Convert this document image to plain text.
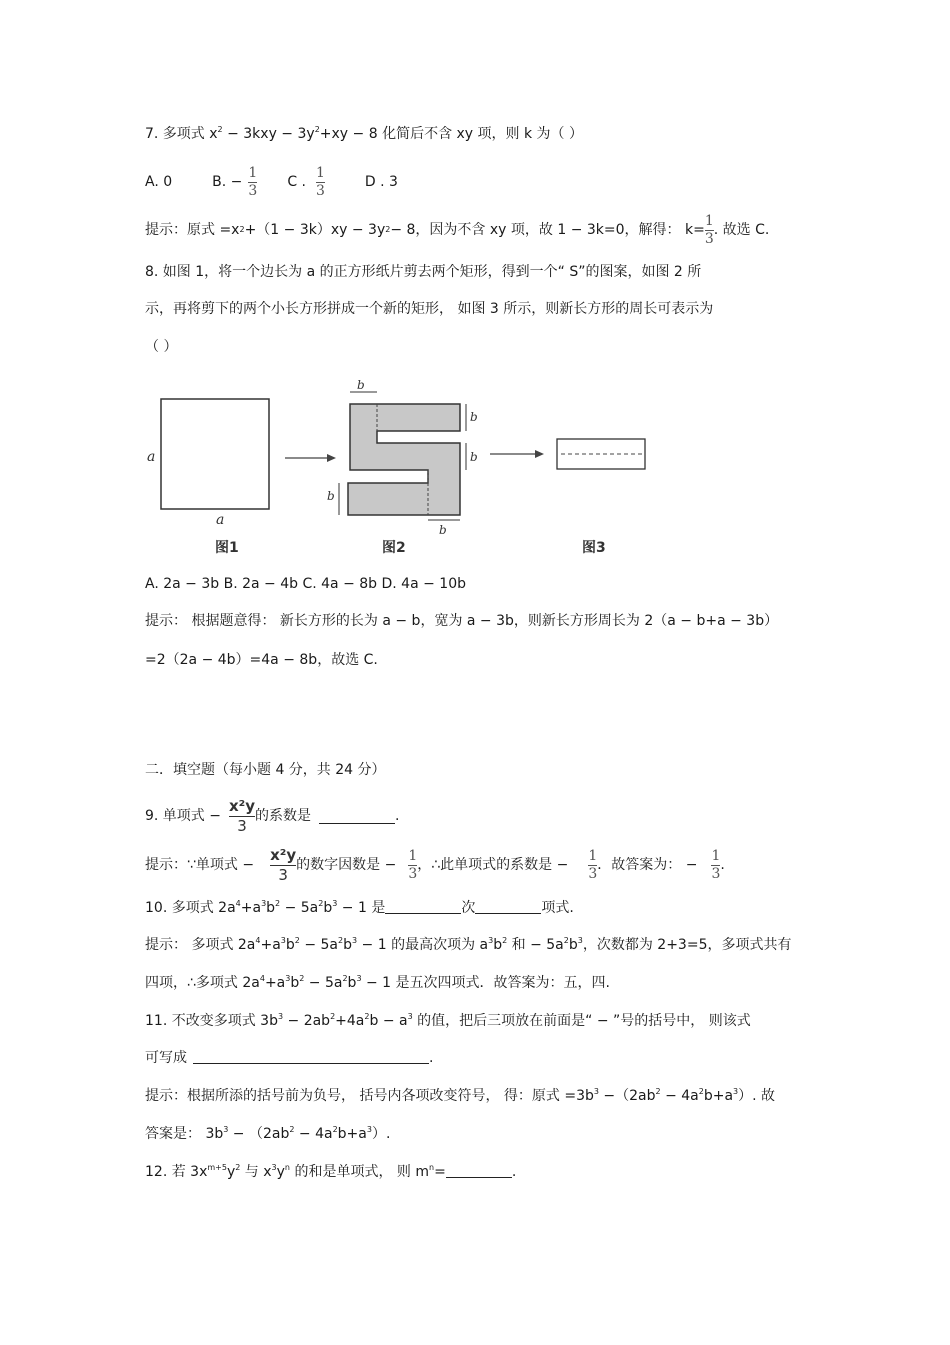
7. 多项式 $x^2 - 3kxy - 3y^2+xy - 8$ 化简后不含 xy 项，则 k 为（ ）
A. 0	B. − $\frac{1}{3}$ C . $\frac{1}{3}$	D . 3
提示：原式 =x 2 +（1 − 3k）xy − 3y 2 − 8，因为不含 xy 项，故 1 − 3k=0，解得： $k= \frac{1}{3}$ . 故选 C.
8. 如图 1，将一个边长为 a 的正方形纸片剪去两个矩形，得到一个“ S”的图案，如图 2 所
示，再将剪下的两个小长方形拼成一个新的矩形， 如图 3 所示，则新长方形的周长可表示为
（ ）
a
a
图1
b
b
b
b
b
图2	图3
A. 2a − 3b B. 2a − 4b C. 4a − 8b D. 4a − 10b
提示： 根据题意得： 新长方形的长为 a − b，宽为 a − 3b，则新长方形周长为 2（a − b+a − 3b）
=2（2a − 4b）=4a − 8b，故选 C.
二．填空题（每小题 4 分，共 24 分）
9. 单项式 − $\frac{\text{x²y}}{3}$ 的系数是	.
提示：∵单项式 − $\frac{\text{x²y}}{3}$ 的数字因数是 − $\frac{1}{3}$ ，∴此单项式的系数是 − $\frac{1}{3}$ ．故答案为： − $\frac{1}{3}$ .
10. 多项式 $2a^4+a^3b^2 - 5a^2b^3 - 1$ 是	次	项式.
提示： 多项式 $2a^4+a^3b^2 - 5a^2b^3 - 1$ 的最高次项为 $a^3b^2$ 和 − $5a^2b^3$，次数都为 2+3=5，多项式共有
四项，∴多项式 $2a^4+a^3b^2 - 5a^2b^3 - 1$ 是五次四项式．故答案为：五，四.
11. 不改变多项式 $3b^3 - 2ab^2+4a^2b - a^3$ 的值，把后三项放在前面是“ − ”号的括号中， 则该式
可写成	.
提示：根据所添的括号前为负号， 括号内各项改变符号， 得：原式 $=3b^3 -(2ab^2 - 4a^2b+a^3)$. 故
答案是： $3b^3 - (2ab^2 - 4a^2b+a^3)$.
12. 若 $3x^{m+5}y^2$ 与 $x^3y^n$ 的和是单项式， 则 $m^n=$	.
